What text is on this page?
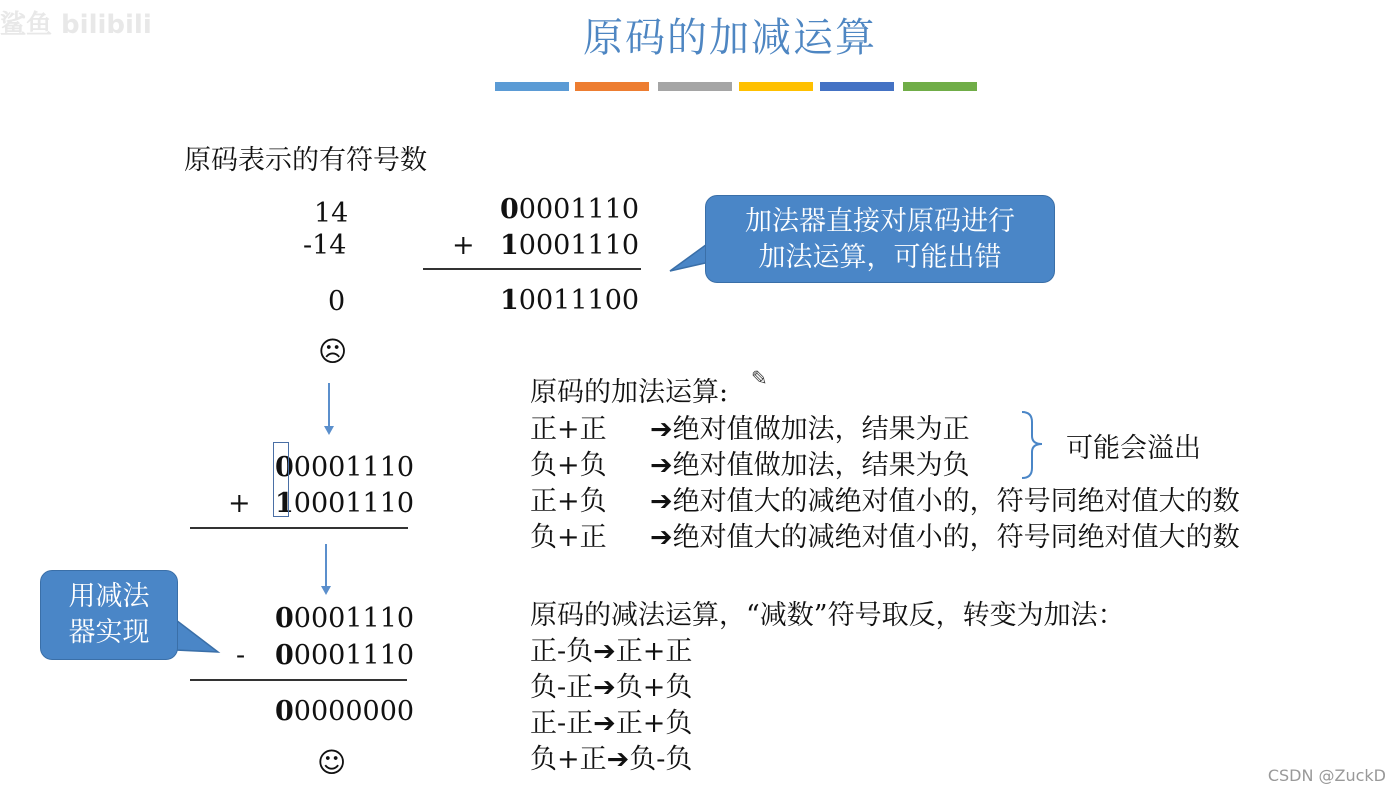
鲨鱼 bilibili	原码的加减运算
原码表示的有符号数
14
-14
0
☹
00001110
+ 10001110
10011100
加法器直接对原码进行
加法运算，可能出错
00001110
+ 10001110
00001110
- 00001110
00000000
☺
用减法
器实现
原码的加法运算: ✎
正+正 ➔绝对值做加法，结果为正
负+负 ➔绝对值做加法，结果为负
正+负 ➔绝对值大的减绝对值小的，符号同绝对值大的数
负+正 ➔绝对值大的减绝对值小的，符号同绝对值大的数
可能会溢出
原码的减法运算，“减数”符号取反，转变为加法：
正-负➔正+正
负-正➔负+负
正-正➔正+负
负+正➔负-负
CSDN @ZuckD
